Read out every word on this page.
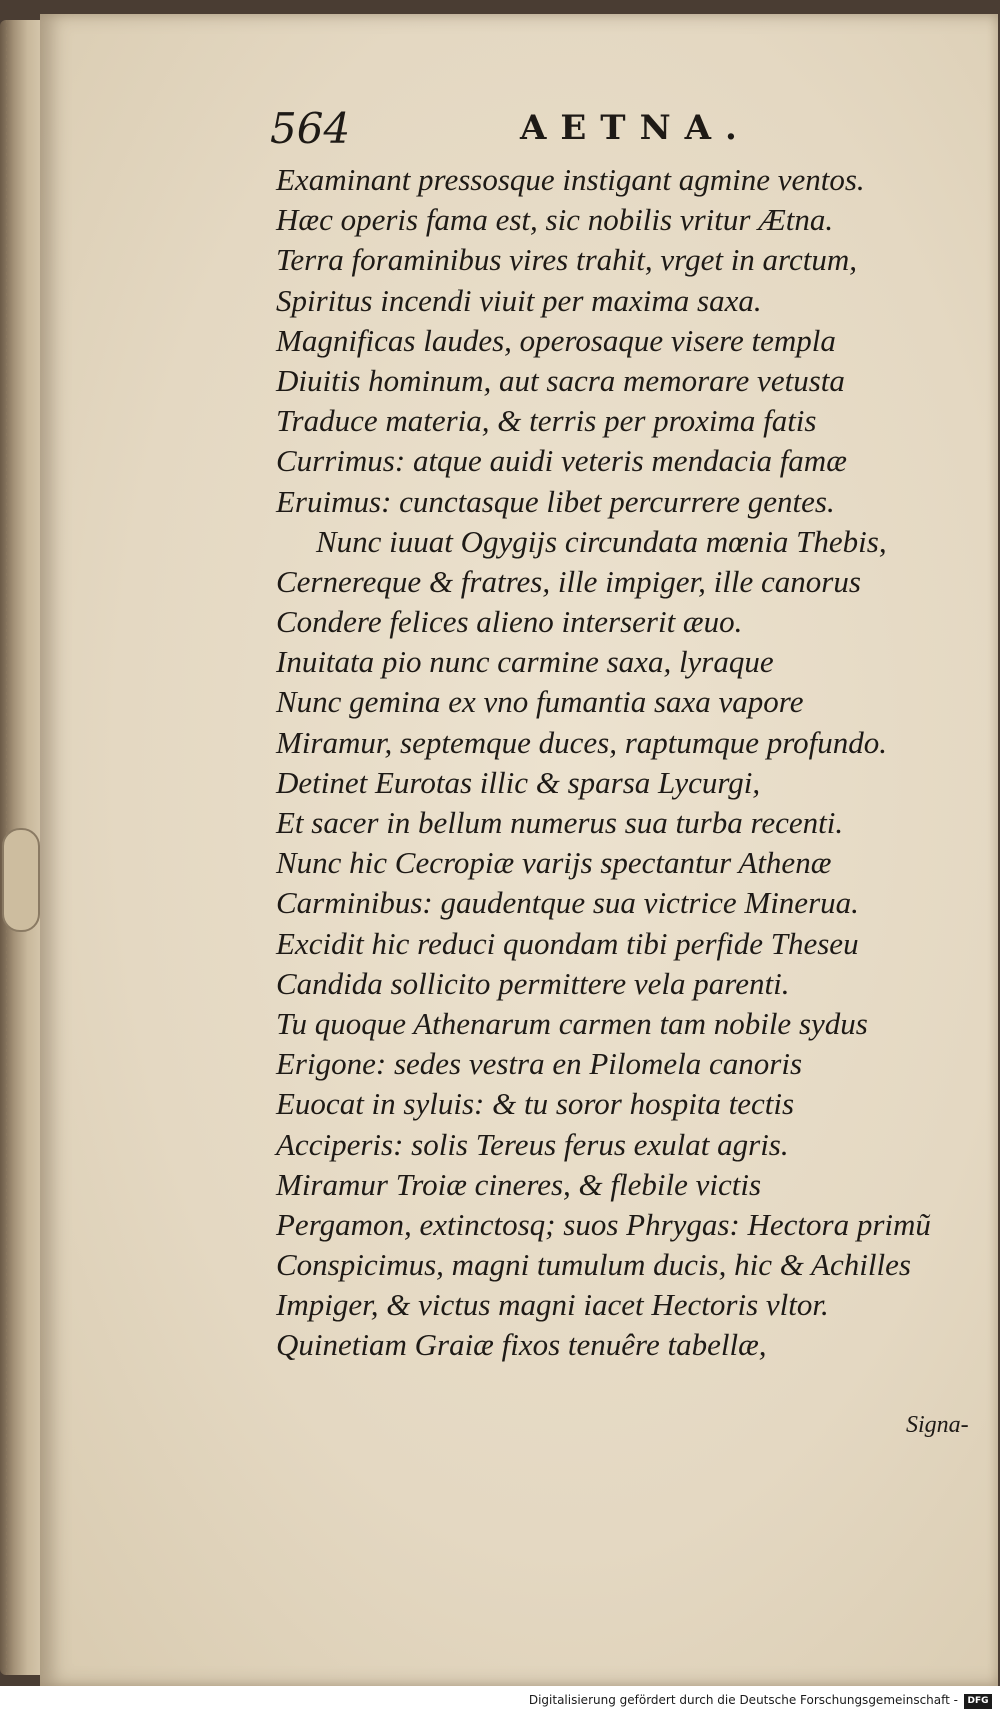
564	AETNA.
Examinant pressosque instigant agmine ventos.
Hæc operis fama est, sic nobilis vritur Ætna.
Terra foraminibus vires trahit, vrget in arctum,
Spiritus incendi viuit per maxima saxa.
Magnificas laudes, operosaque visere templa
Diuitis hominum, aut sacra memorare vetusta
Traduce materia, & terris per proxima fatis
Currimus: atque auidi veteris mendacia famæ
Eruimus: cunctasque libet percurrere gentes.
Nunc iuuat Ogygijs circundata mœnia Thebis,
Cernereque & fratres, ille impiger, ille canorus
Condere felices alieno interserit æuo.
Inuitata pio nunc carmine saxa, lyraque
Nunc gemina ex vno fumantia saxa vapore
Miramur, septemque duces, raptumque profundo.
Detinet Eurotas illic & sparsa Lycurgi,
Et sacer in bellum numerus sua turba recenti.
Nunc hic Cecropiæ varijs spectantur Athenæ
Carminibus: gaudentque sua victrice Minerua.
Excidit hic reduci quondam tibi perfide Theseu
Candida sollicito permittere vela parenti.
Tu quoque Athenarum carmen tam nobile sydus
Erigone: sedes vestra en Pilomela canoris
Euocat in syluis: & tu soror hospita tectis
Acciperis: solis Tereus ferus exulat agris.
Miramur Troiæ cineres, & flebile victis
Pergamon, extinctosq; suos Phrygas: Hectora primũ
Conspicimus, magni tumulum ducis, hic & Achilles
Impiger, & victus magni iacet Hectoris vltor.
Quinetiam Graiæ fixos tenuêre tabellæ,
Signa-
Digitalisierung gefördert durch die Deutsche Forschungsgemeinschaft -	DFG
